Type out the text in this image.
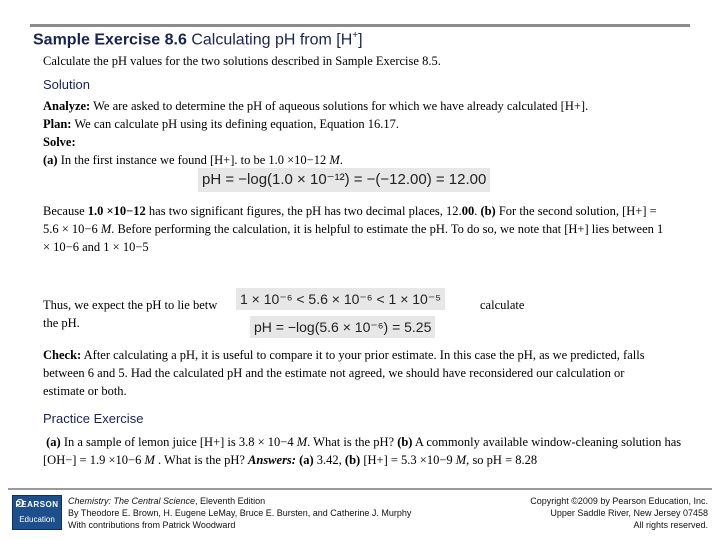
Sample Exercise 8.6 Calculating pH from [H+]
Calculate the pH values for the two solutions described in Sample Exercise 8.5.
Solution
Analyze: We are asked to determine the pH of aqueous solutions for which we have already calculated [H+].
Plan: We can calculate pH using its defining equation, Equation 16.17.
Solve:
(a) In the first instance we found [H+]. to be 1.0 ×10−12 M.
pH = −log(1.0 × 10⁻¹²) = −(−12.00) = 12.00
Because 1.0 ×10−12 has two significant figures, the pH has two decimal places, 12.00. (b) For the second solution, [H+] = 5.6 × 10−6 M. Before performing the calculation, it is helpful to estimate the pH. To do so, we note that [H+] lies between 1 × 10−6 and 1 × 10−5
Thus, we expect the pH to lie betw	calculate
the pH.
1 × 10⁻⁶ < 5.6 × 10⁻⁶ < 1 × 10⁻⁵
pH = −log(5.6 × 10⁻⁶) = 5.25
Check: After calculating a pH, it is useful to compare it to your prior estimate. In this case the pH, as we predicted, falls between 6 and 5. Had the calculated pH and the estimate not agreed, we should have reconsidered our calculation or estimate or both.
Practice Exercise
(a) In a sample of lemon juice [H+] is 3.8 × 10−4 M. What is the pH? (b) A commonly available window-cleaning solution has [OH−] = 1.9 ×10−6 M . What is the pH? Answers: (a) 3.42, (b) [H+] = 5.3 ×10−9 M, so pH = 8.28
PEARSON
Education
Chemistry: The Central Science, Eleventh Edition
By Theodore E. Brown, H. Eugene LeMay, Bruce E. Bursten, and Catherine J. Murphy
With contributions from Patrick Woodward
Copyright ©2009 by Pearson Education, Inc.
Upper Saddle River, New Jersey 07458
All rights reserved.
